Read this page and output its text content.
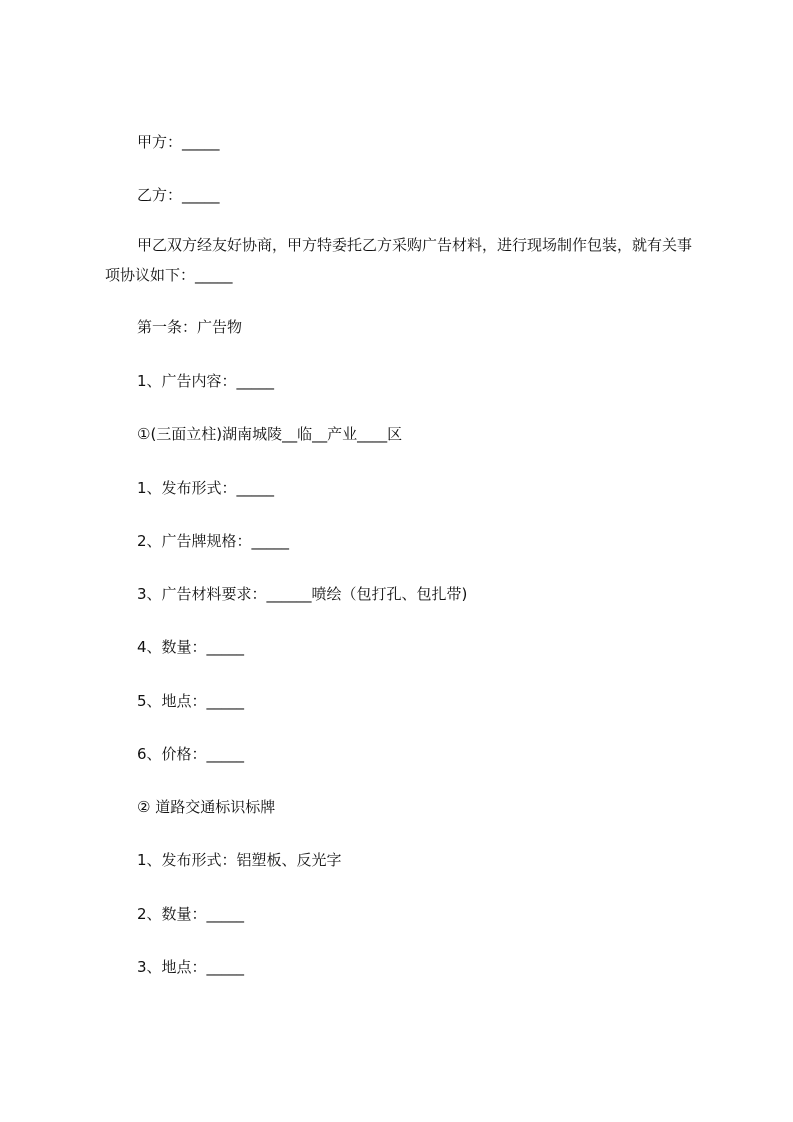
甲方：_____
乙方：_____
甲乙双方经友好协商，甲方特委托乙方采购广告材料，进行现场制作包装，就有关事项协议如下：_____
第一条：广告物
1、广告内容：_____
①(三面立柱)湖南城陵__临__产业____区
1、发布形式：_____
2、广告牌规格：_____
3、广告材料要求：______喷绘（包打孔、包扎带)
4、数量：_____
5、地点：_____
6、价格：_____
② 道路交通标识标牌
1、发布形式：铝塑板、反光字
2、数量：_____
3、地点：_____
